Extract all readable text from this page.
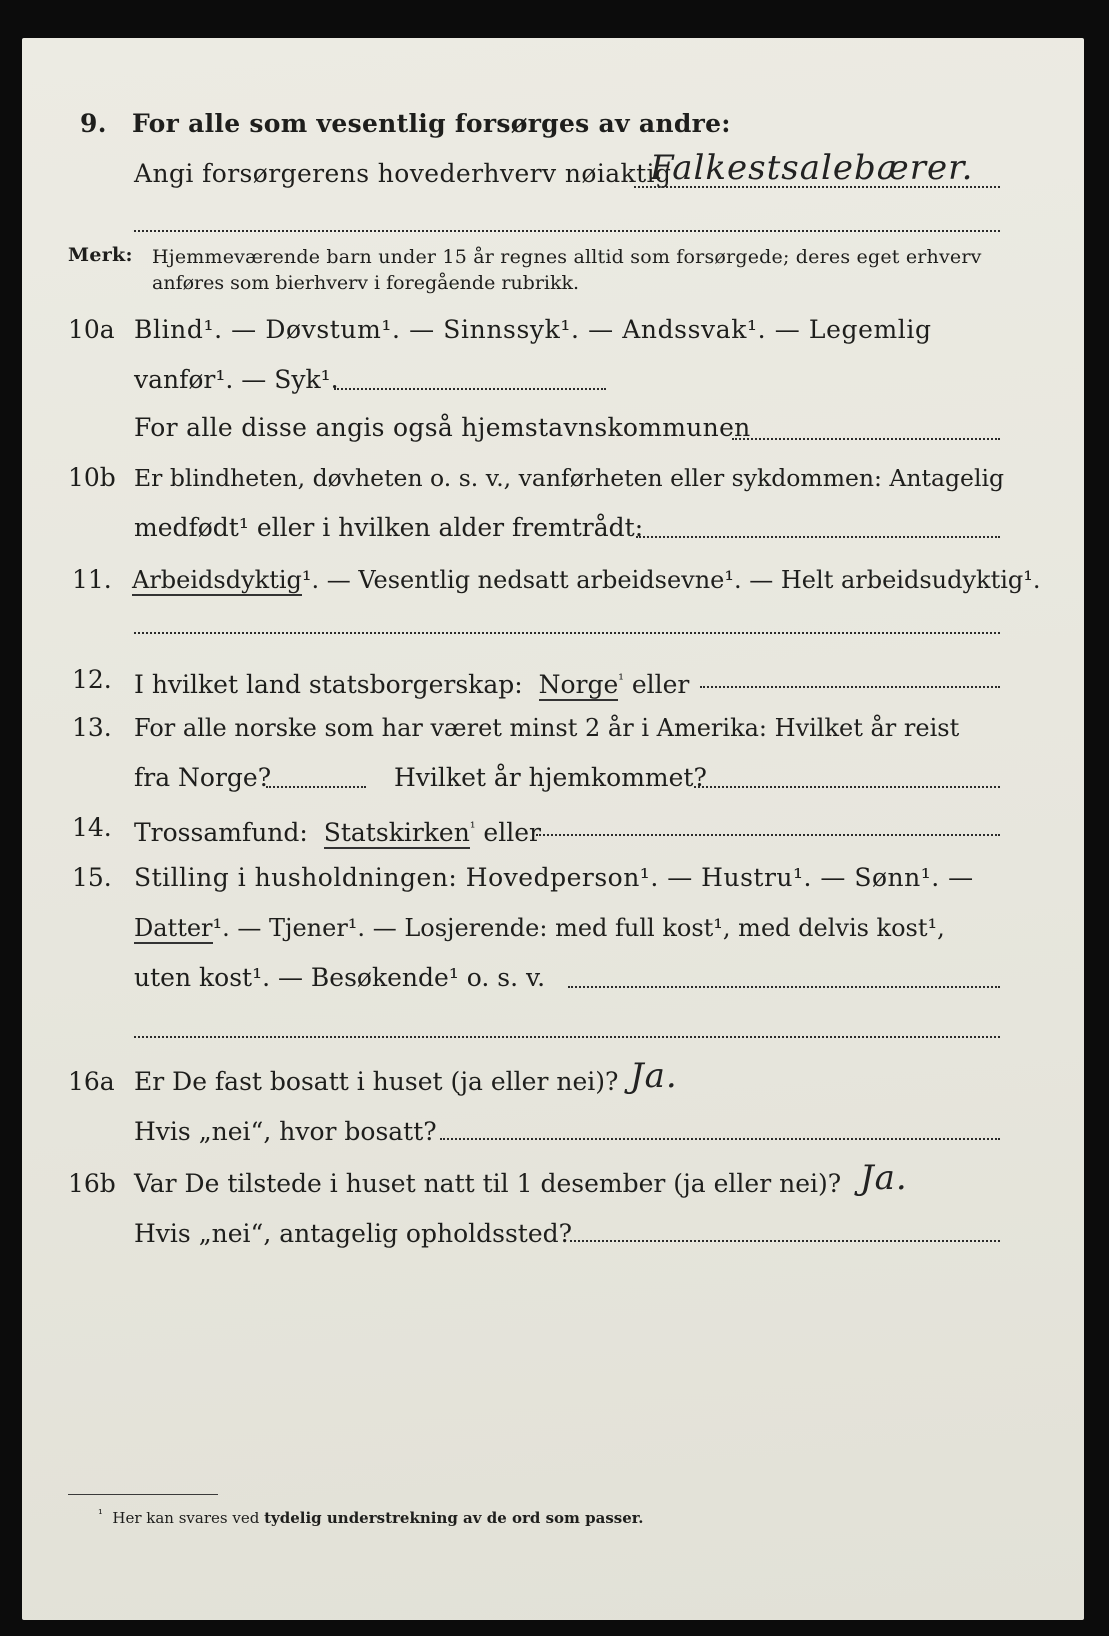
9. For alle som vesentlig forsørges av andre:
Angi forsørgerens hovederhverv nøiaktig
Falkestsalebærer.
Merk: Hjemmeværende barn under 15 år regnes alltid som forsørgede; deres eget erhverv
anføres som bierhverv i foregående rubrikk.
10a Blind¹. — Døvstum¹. — Sinnssyk¹. — Andssvak¹. — Legemlig
vanfør¹. — Syk¹.
For alle disse angis også hjemstavnskommunen
10b Er blindheten, døvheten o. s. v., vanførheten eller sykdommen: Antagelig
medfødt¹ eller i hvilken alder fremtrådt:
11. Arbeidsdyktig¹. — Vesentlig nedsatt arbeidsevne¹. — Helt arbeidsudyktig¹.
12. I hvilket land statsborgerskap: Norge$^{^1}$ eller
13. For alle norske som har været minst 2 år i Amerika: Hvilket år reist
fra Norge?	Hvilket år hjemkommet?
14. Trossamfund: Statskirken$^{^1}$ eller
15. Stilling i husholdningen: Hovedperson¹. — Hustru¹. — Sønn¹. —
Datter¹. — Tjener¹. — Losjerende: med full kost¹, med delvis kost¹,
uten kost¹. — Besøkende¹ o. s. v.
16a Er De fast bosatt i huset (ja eller nei)? Ja.
Hvis „nei“, hvor bosatt?
16b Var De tilstede i huset natt til 1 desember (ja eller nei)? Ja.
Hvis „nei“, antagelig opholdssted?
$^{^1}$ Her kan svares ved tydelig understrekning av de ord som passer.
